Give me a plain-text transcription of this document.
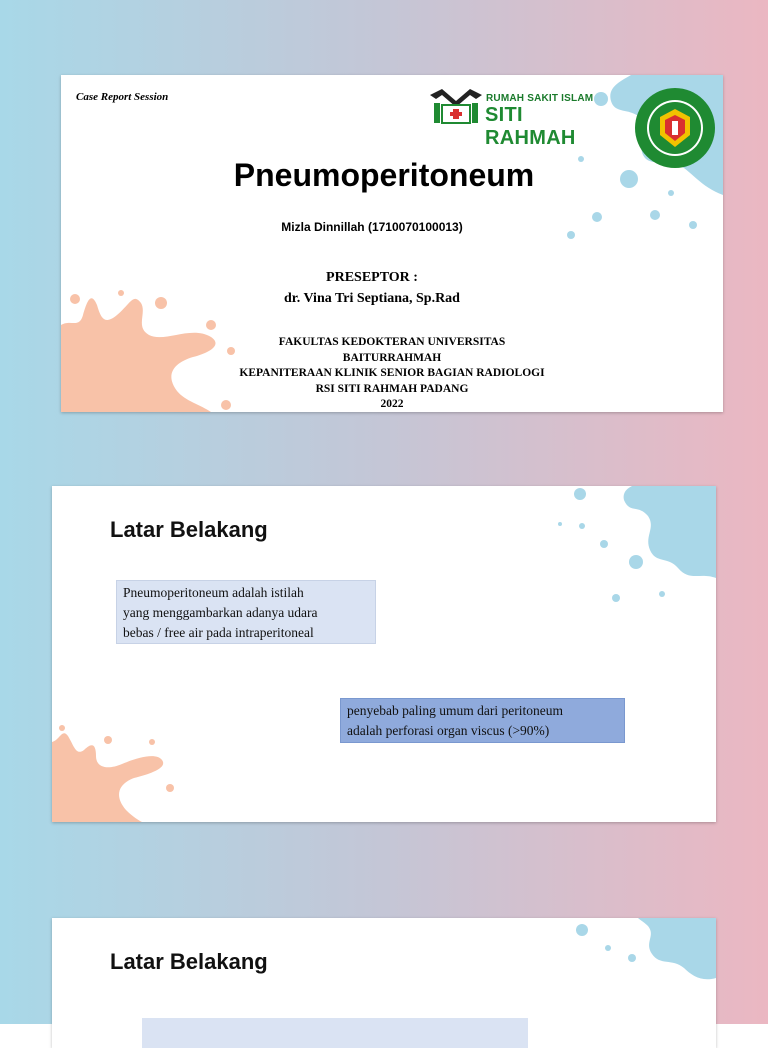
Case Report Session	RUMAH SAKIT ISLAM
SITI RAHMAH
Pneumoperitoneum
Mizla Dinnillah (1710070100013)
PRESEPTOR :
dr. Vina Tri Septiana, Sp.Rad
FAKULTAS KEDOKTERAN UNIVERSITAS
BAITURRAHMAH
KEPANITERAAN KLINIK SENIOR BAGIAN RADIOLOGI
RSI SITI RAHMAH PADANG
2022
Latar Belakang
Pneumoperitoneum adalah istilah
yang menggambarkan adanya udara
bebas / free air pada intraperitoneal
penyebab paling umum dari peritoneum
adalah perforasi organ viscus (>90%)
Latar Belakang
